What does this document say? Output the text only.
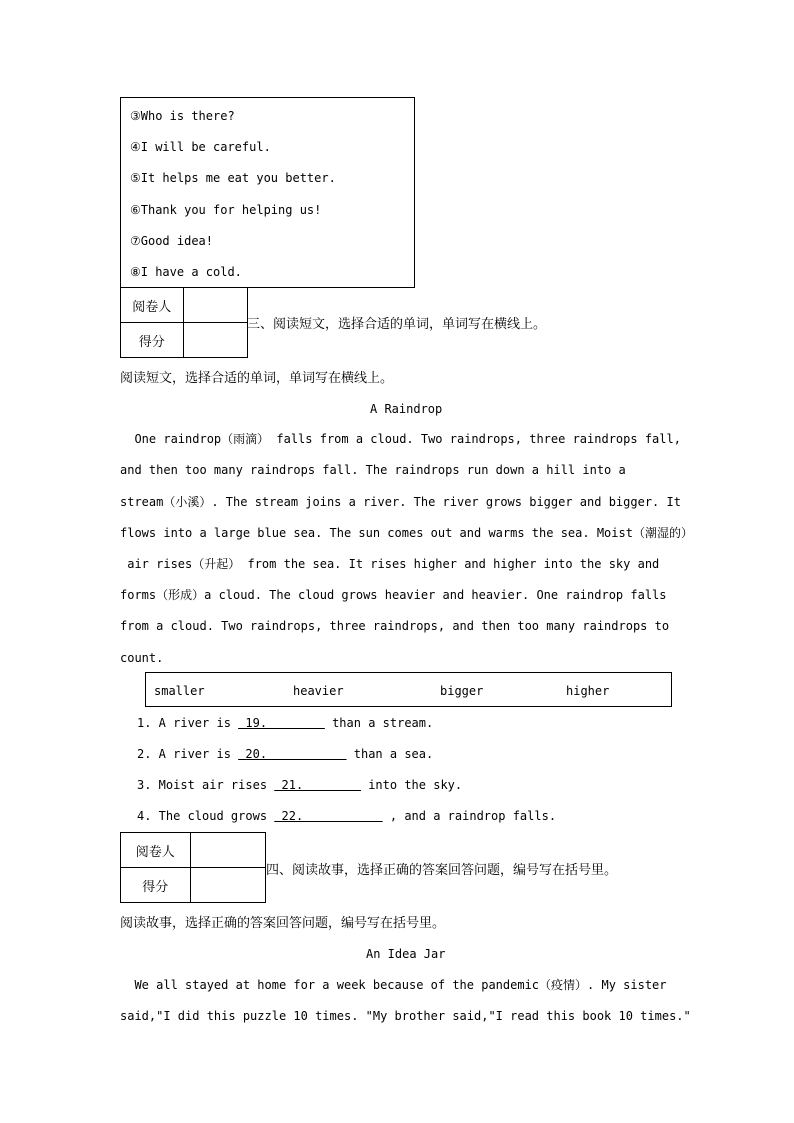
③Who is there?
④I will be careful.
⑤It helps me eat you better.
⑥Thank you for helping us!
⑦Good idea!
⑧I have a cold.
阅卷人	
得分	
三、阅读短文，选择合适的单词，单词写在横线上。
阅读短文，选择合适的单词，单词写在横线上。
A Raindrop
One raindrop（雨滴） falls from a cloud. Two raindrops, three raindrops fall,
and then too many raindrops fall. The raindrops run down a hill into a
stream（小溪）. The stream joins a river. The river grows bigger and bigger. It
flows into a large blue sea. The sun comes out and warms the sea. Moist（潮湿的）
air rises（升起） from the sea. It rises higher and higher into the sky and
forms（形成）a cloud. The cloud grows heavier and heavier. One raindrop falls
from a cloud. Two raindrops, three raindrops, and then too many raindrops to
count.
smaller	heavier	bigger	higher
1. A river is  19.         than a stream.
2. A river is  20.            than a sea.
3. Moist air rises  21.         into the sky.
4. The cloud grows  22.            , and a raindrop falls.
阅卷人	
得分	
四、阅读故事，选择正确的答案回答问题，编号写在括号里。
阅读故事，选择正确的答案回答问题，编号写在括号里。
An Idea Jar
We all stayed at home for a week because of the pandemic（疫情）. My sister
said,"I did this puzzle 10 times. "My brother said,"I read this book 10 times."
